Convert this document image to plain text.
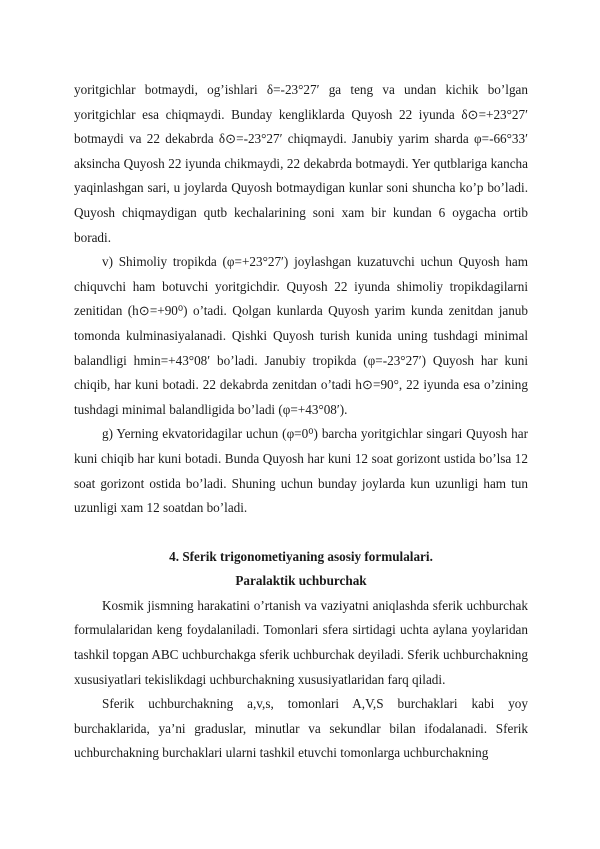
yoritgichlar botmaydi, og’ishlari δ=-23°27′ ga teng va undan kichik bo’lgan yoritgichlar esa chiqmaydi. Bunday kengliklarda Quyosh 22 iyunda δ⊙=+23°27′ botmaydi va 22 dekabrda δ⊙=-23°27′ chiqmaydi. Janubiy yarim sharda φ=-66°33′ aksincha Quyosh 22 iyunda chikmaydi, 22 dekabrda botmaydi. Yer qutblariga kancha yaqinlashgan sari, u joylarda Quyosh botmaydigan kunlar soni shuncha ko’p bo’ladi. Quyosh chiqmaydigan qutb kechalarining soni xam bir kundan 6 oygacha ortib boradi.

v) Shimoliy tropikda (φ=+23°27′) joylashgan kuzatuvchi uchun Quyosh ham chiquvchi ham botuvchi yoritgichdir. Quyosh 22 iyunda shimoliy tropikdagilarni zenitidan (h⊙=+90⁰) o’tadi. Qolgan kunlarda Quyosh yarim kunda zenitdan janub tomonda kulminasiyalanadi. Qishki Quyosh turish kunida uning tushdagi minimal balandligi hmin=+43°08′ bo’ladi. Janubiy tropikda (φ=-23°27′) Quyosh har kuni chiqib, har kuni botadi. 22 dekabrda zenitdan o’tadi h⊙=90°, 22 iyunda esa o’zining tushdagi minimal balandligida bo’ladi (φ=+43°08′).

g) Yerning ekvatoridagilar uchun (φ=0⁰) barcha yoritgichlar singari Quyosh har kuni chiqib har kuni botadi. Bunda Quyosh har kuni 12 soat gorizont ustida bo’lsa 12 soat gorizont ostida bo’ladi. Shuning uchun bunday joylarda kun uzunligi ham tun uzunligi xam 12 soatdan bo’ladi.

4. Sferik trigonometiyaning asosiy formulalari.

Paralaktik uchburchak

Kosmik jismning harakatini o’rtanish va vaziyatni aniqlashda sferik uchburchak formulalaridan keng foydalaniladi. Tomonlari sfera sirtidagi uchta aylana yoylaridan tashkil topgan ABC uchburchakga sferik uchburchak deyiladi. Sferik uchburchakning xususiyatlari tekislikdagi uchburchakning xususiyatlaridan farq qiladi.

Sferik uchburchakning a,v,s, tomonlari A,V,S burchaklari kabi yoy burchaklarida, ya’ni graduslar, minutlar va sekundlar bilan ifodalanadi. Sferik uchburchakning burchaklari ularni tashkil etuvchi tomonlarga uchburchakning
